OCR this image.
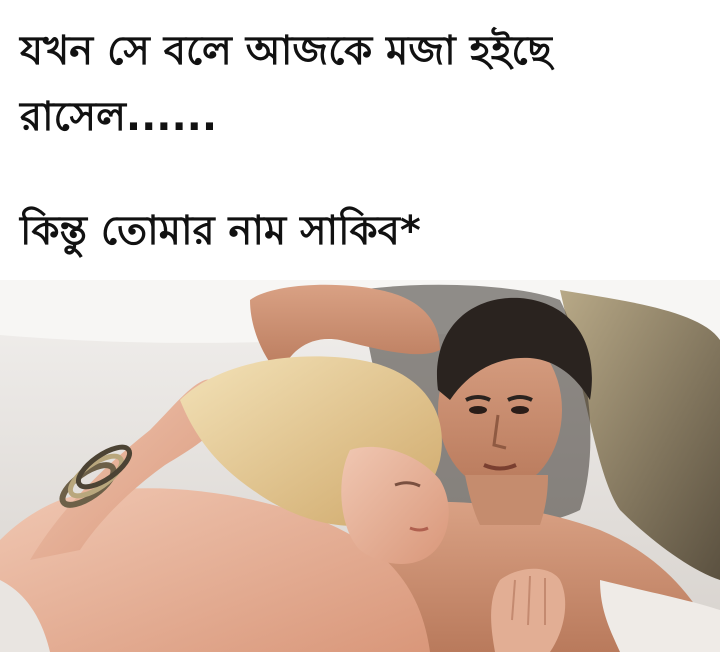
যখন সে বলে আজকে মজা হইছে
রাসেল......
কিন্তু তোমার নাম সাকিব*
